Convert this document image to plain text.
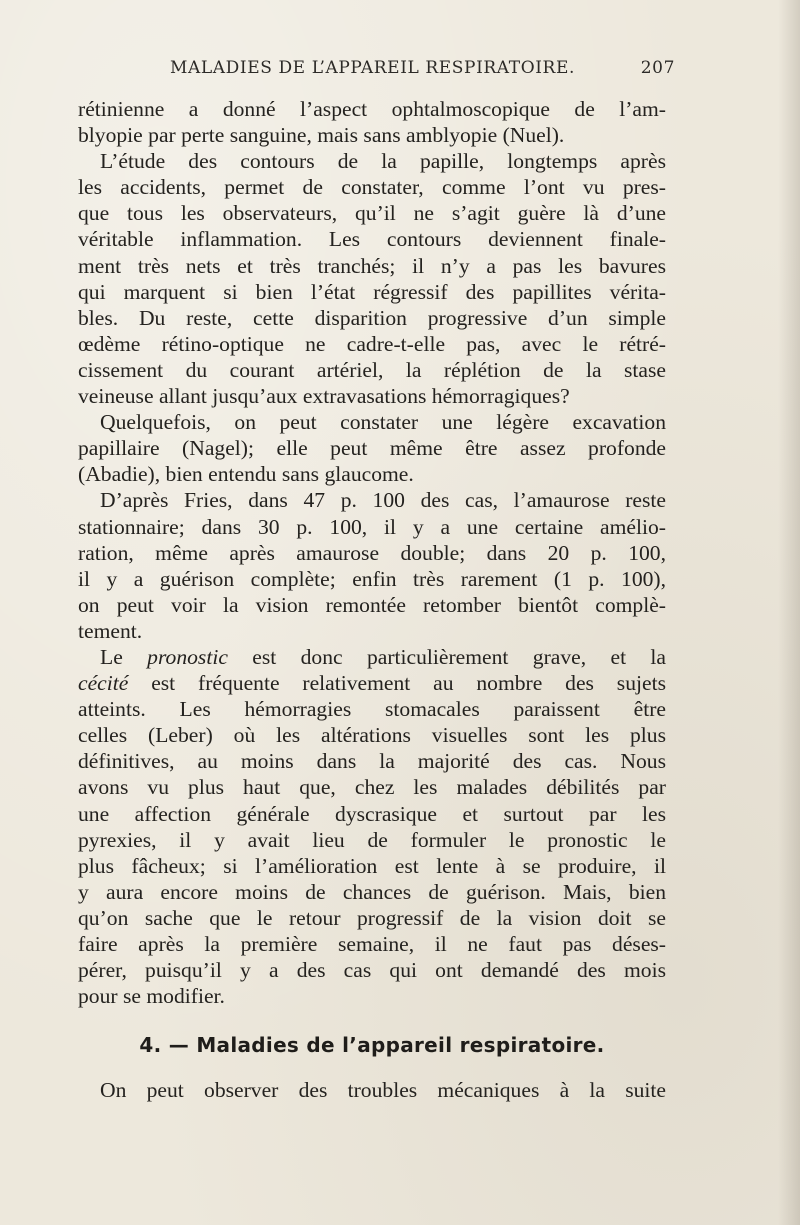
MALADIES DE L’APPAREIL RESPIRATOIRE.	207
rétinienne a donné l’aspect ophtalmoscopique de l’am-
blyopie par perte sanguine, mais sans amblyopie (Nuel).
L’étude des contours de la papille, longtemps après
les accidents, permet de constater, comme l’ont vu pres-
que tous les observateurs, qu’il ne s’agit guère là d’une
véritable inflammation. Les contours deviennent finale-
ment très nets et très tranchés; il n’y a pas les bavures
qui marquent si bien l’état régressif des papillites vérita-
bles. Du reste, cette disparition progressive d’un simple
œdème rétino-optique ne cadre-t-elle pas, avec le rétré-
cissement du courant artériel, la réplétion de la stase
veineuse allant jusqu’aux extravasations hémorragiques?
Quelquefois, on peut constater une légère excavation
papillaire (Nagel); elle peut même être assez profonde
(Abadie), bien entendu sans glaucome.
D’après Fries, dans 47 p. 100 des cas, l’amaurose reste
stationnaire; dans 30 p. 100, il y a une certaine amélio-
ration, même après amaurose double; dans 20 p. 100,
il y a guérison complète; enfin très rarement (1 p. 100),
on peut voir la vision remontée retomber bientôt complè-
tement.
Le pronostic est donc particulièrement grave, et la
cécité est fréquente relativement au nombre des sujets
atteints. Les hémorragies stomacales paraissent être
celles (Leber) où les altérations visuelles sont les plus
définitives, au moins dans la majorité des cas. Nous
avons vu plus haut que, chez les malades débilités par
une affection générale dyscrasique et surtout par les
pyrexies, il y avait lieu de formuler le pronostic le
plus fâcheux; si l’amélioration est lente à se produire, il
y aura encore moins de chances de guérison. Mais, bien
qu’on sache que le retour progressif de la vision doit se
faire après la première semaine, il ne faut pas déses-
pérer, puisqu’il y a des cas qui ont demandé des mois
pour se modifier.
4. — Maladies de l’appareil respiratoire.
On peut observer des troubles mécaniques à la suite
